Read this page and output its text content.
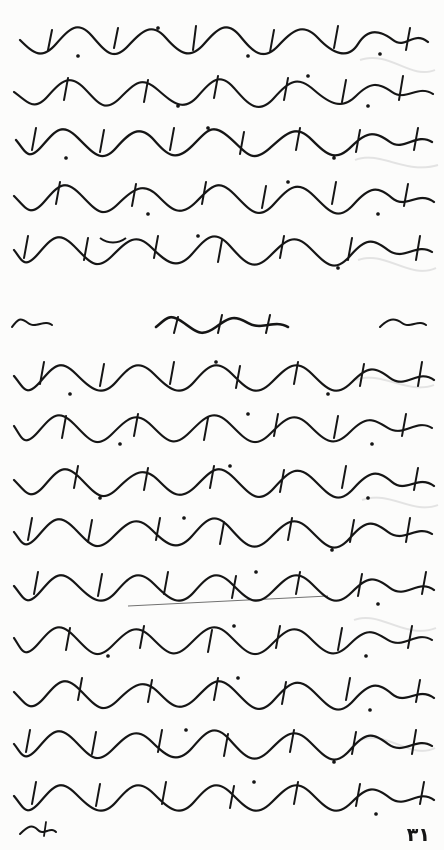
٣١
